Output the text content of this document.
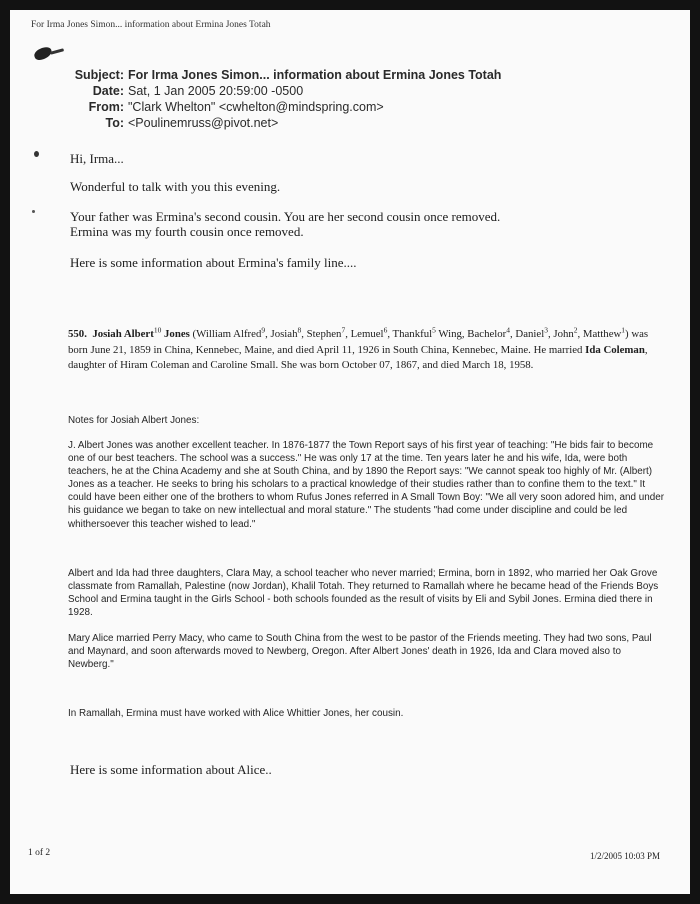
For Irma Jones Simon... information about Ermina Jones Totah
Subject: For Irma Jones Simon... information about Ermina Jones Totah
Date: Sat, 1 Jan 2005 20:59:00 -0500
From: "Clark Whelton" <cwhelton@mindspring.com>
To: <Poulinemruss@pivot.net>
Hi, Irma...
Wonderful to talk with you this evening.
Your father was Ermina's second cousin. You are her second cousin once removed.
Ermina was my fourth cousin once removed.
Here is some information about Ermina's family line....
550. Josiah Albert$^{10}$ Jones (William Alfred$^9$, Josiah$^8$, Stephen$^7$, Lemuel$^6$, Thankful$^5$ Wing, Bachelor$^4$, Daniel$^3$, John$^2$, Matthew$^1$) was born June 21, 1859 in China, Kennebec, Maine, and died April 11, 1926 in South China, Kennebec, Maine. He married Ida Coleman, daughter of Hiram Coleman and Caroline Small. She was born October 07, 1867, and died March 18, 1958.
Notes for Josiah Albert Jones:
J. Albert Jones was another excellent teacher. In 1876-1877 the Town Report says of his first year of teaching: "He bids fair to become one of our best teachers. The school was a success." He was only 17 at the time. Ten years later he and his wife, Ida, were both teachers, he at the China Academy and she at South China, and by 1890 the Report says: "We cannot speak too highly of Mr. (Albert) Jones as a teacher. He seeks to bring his scholars to a practical knowledge of their studies rather than to confine them to the text." It could have been either one of the brothers to whom Rufus Jones referred in A Small Town Boy: "We all very soon adored him, and under his guidance we began to take on new intellectual and moral stature." The students "had come under discipline and could be led whithersoever this teacher wished to lead."
Albert and Ida had three daughters, Clara May, a school teacher who never married; Ermina, born in 1892, who married her Oak Grove classmate from Ramallah, Palestine (now Jordan), Khalil Totah. They returned to Ramallah where he became head of the Friends Boys School and Ermina taught in the Girls School - both schools founded as the result of visits by Eli and Sybil Jones. Ermina died there in 1928.
Mary Alice married Perry Macy, who came to South China from the west to be pastor of the Friends meeting. They had two sons, Paul and Maynard, and soon afterwards moved to Newberg, Oregon. After Albert Jones' death in 1926, Ida and Clara moved also to Newberg."
In Ramallah, Ermina must have worked with Alice Whittier Jones, her cousin.
Here is some information about Alice..
1 of 2	1/2/2005 10:03 PM
